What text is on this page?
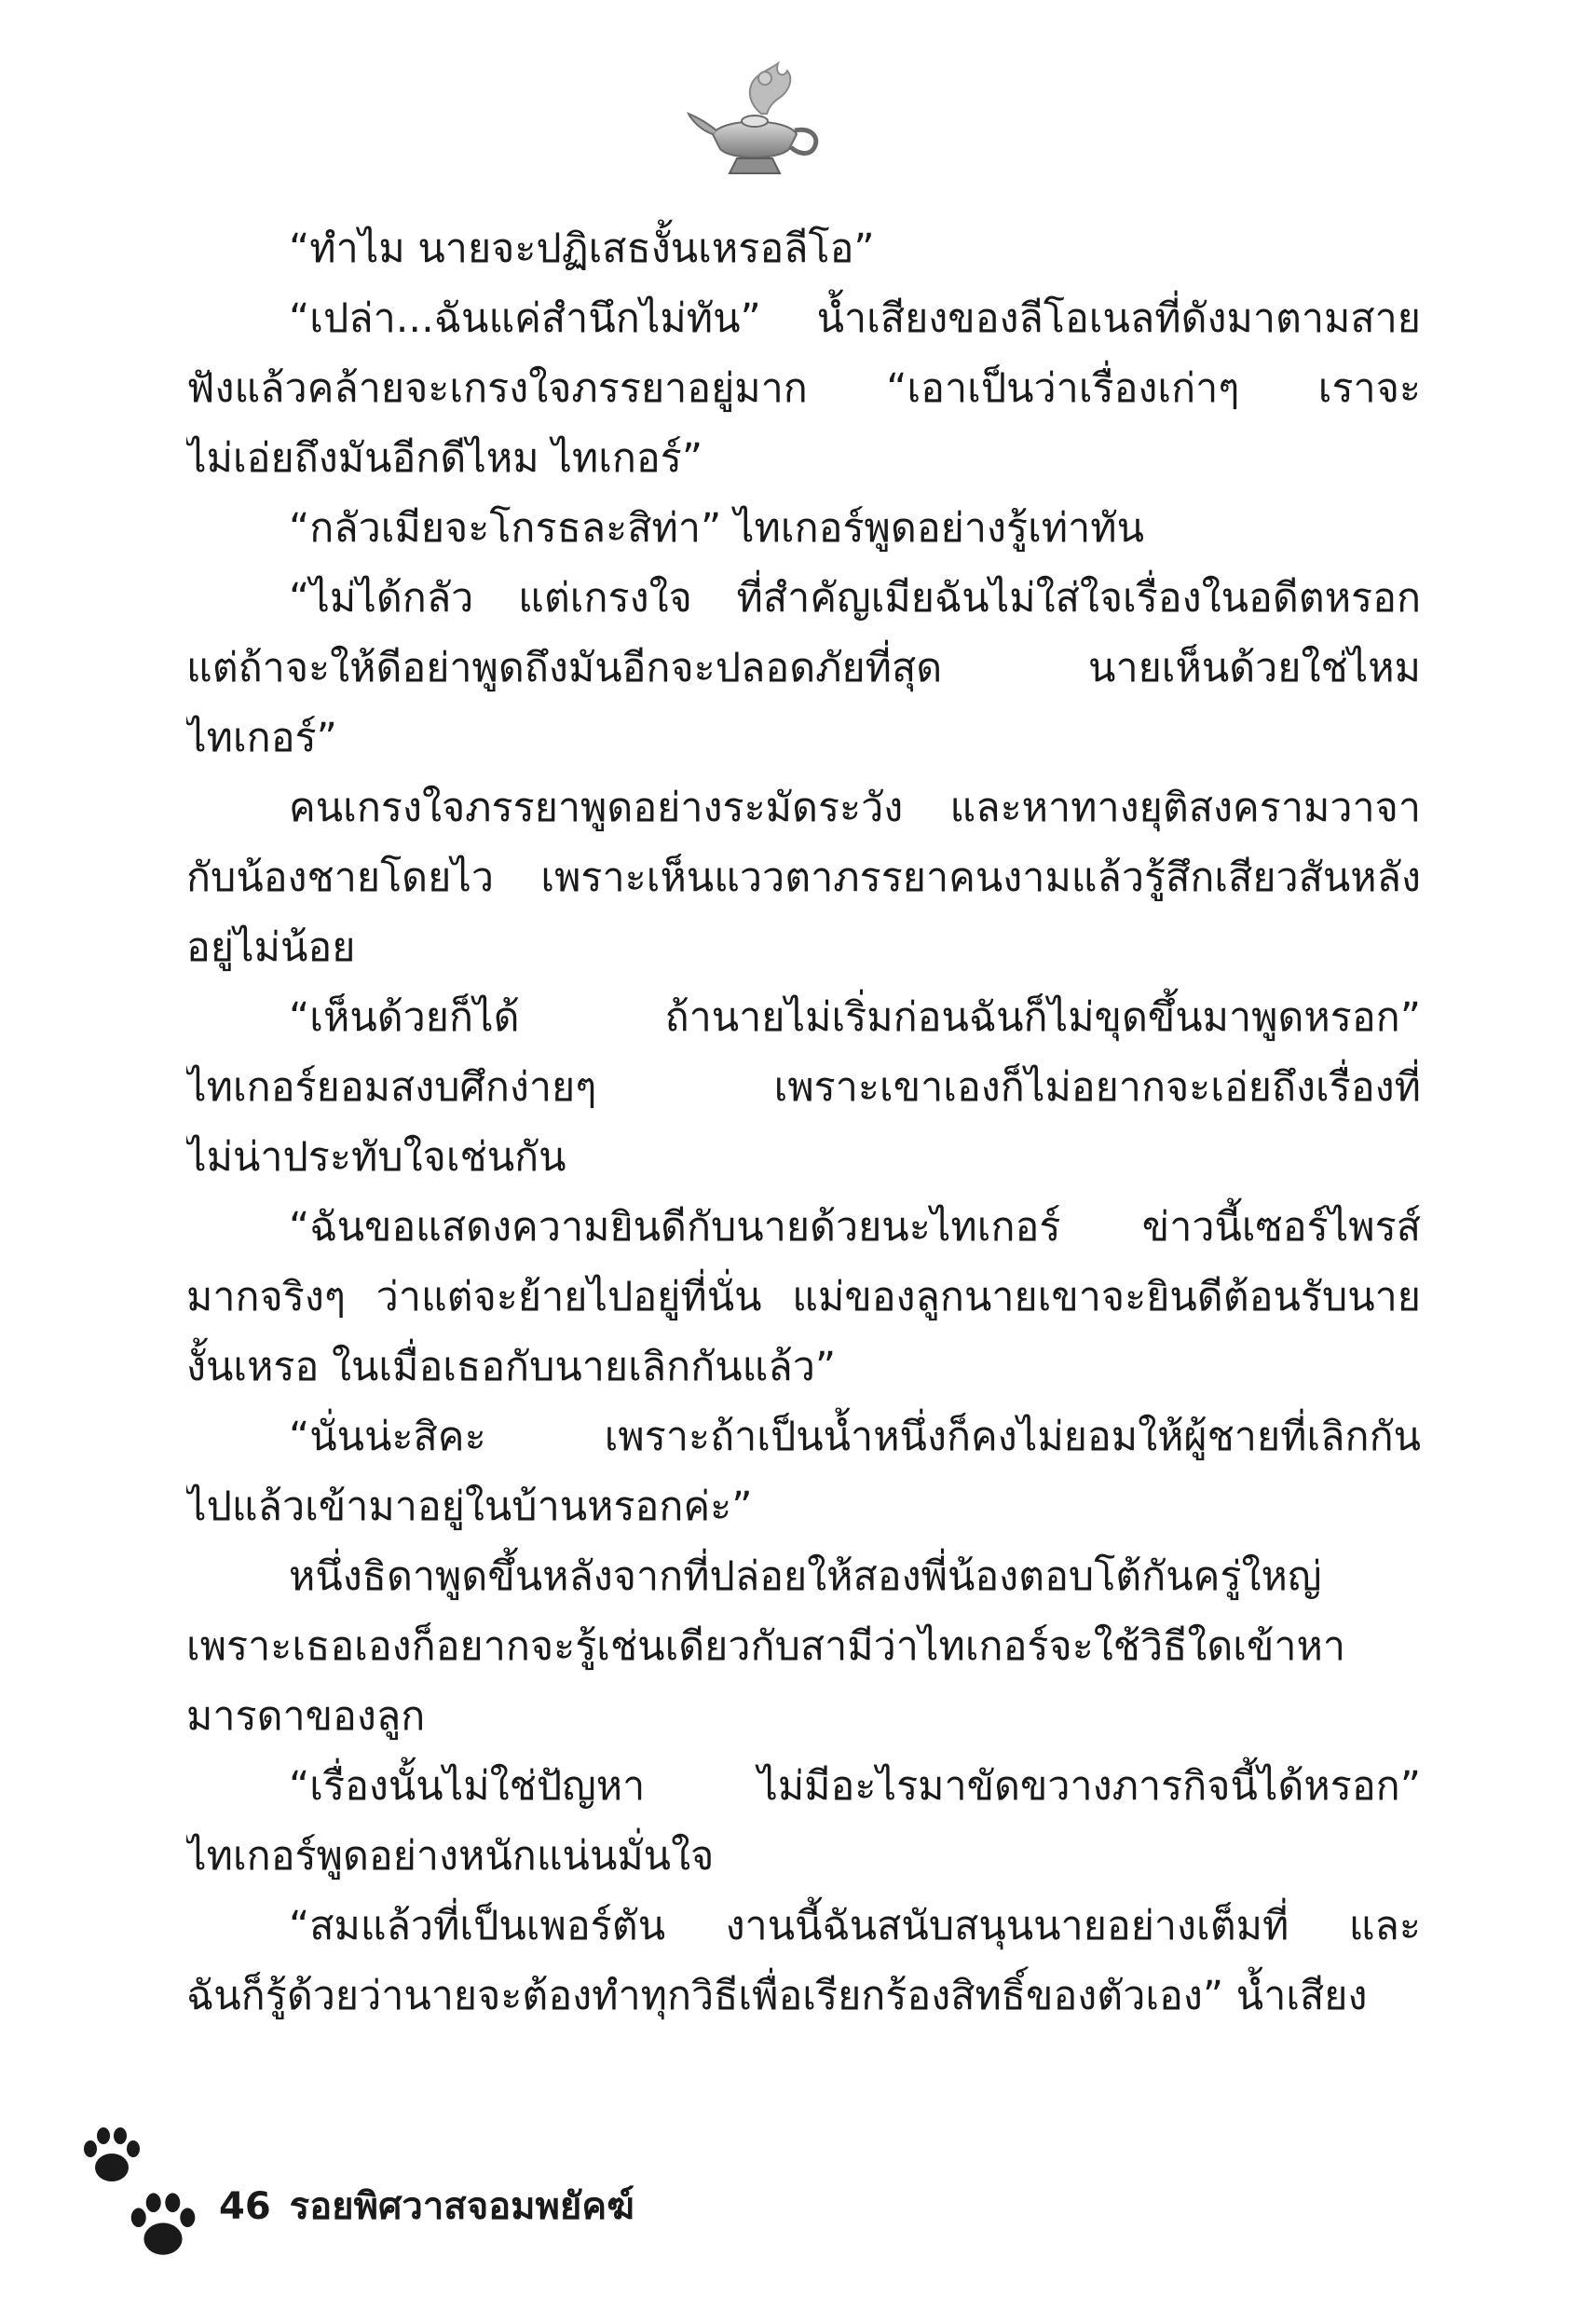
“ทำไม นายจะปฏิเสธงั้นเหรอลีโอ”
“เปล่า...ฉันแค่สำนึกไม่ทัน” น้ำเสียงของลีโอเนลที่ดังมาตามสาย
ฟังแล้วคล้ายจะเกรงใจภรรยาอยู่มาก “เอาเป็นว่าเรื่องเก่าๆ เราจะ
ไม่เอ่ยถึงมันอีกดีไหม ไทเกอร์”
“กลัวเมียจะโกรธละสิท่า” ไทเกอร์พูดอย่างรู้เท่าทัน
“ไม่ได้กลัว แต่เกรงใจ ที่สำคัญเมียฉันไม่ใส่ใจเรื่องในอดีตหรอก
แต่ถ้าจะให้ดีอย่าพูดถึงมันอีกจะปลอดภัยที่สุด นายเห็นด้วยใช่ไหม
ไทเกอร์”
คนเกรงใจภรรยาพูดอย่างระมัดระวัง และหาทางยุติสงครามวาจา
กับน้องชายโดยไว เพราะเห็นแววตาภรรยาคนงามแล้วรู้สึกเสียวสันหลัง
อยู่ไม่น้อย
“เห็นด้วยก็ได้ ถ้านายไม่เริ่มก่อนฉันก็ไม่ขุดขึ้นมาพูดหรอก”
ไทเกอร์ยอมสงบศึกง่ายๆ เพราะเขาเองก็ไม่อยากจะเอ่ยถึงเรื่องที่
ไม่น่าประทับใจเช่นกัน
“ฉันขอแสดงความยินดีกับนายด้วยนะไทเกอร์ ข่าวนี้เซอร์ไพรส์
มากจริงๆ ว่าแต่จะย้ายไปอยู่ที่นั่น แม่ของลูกนายเขาจะยินดีต้อนรับนาย
งั้นเหรอ ในเมื่อเธอกับนายเลิกกันแล้ว”
“นั่นน่ะสิคะ เพราะถ้าเป็นน้ำหนึ่งก็คงไม่ยอมให้ผู้ชายที่เลิกกัน
ไปแล้วเข้ามาอยู่ในบ้านหรอกค่ะ”
หนึ่งธิดาพูดขึ้นหลังจากที่ปล่อยให้สองพี่น้องตอบโต้กันครู่ใหญ่
เพราะเธอเองก็อยากจะรู้เช่นเดียวกับสามีว่าไทเกอร์จะใช้วิธีใดเข้าหา
มารดาของลูก
“เรื่องนั้นไม่ใช่ปัญหา ไม่มีอะไรมาขัดขวางภารกิจนี้ได้หรอก”
ไทเกอร์พูดอย่างหนักแน่นมั่นใจ
“สมแล้วที่เป็นเพอร์ตัน งานนี้ฉันสนับสนุนนายอย่างเต็มที่ และ
ฉันก็รู้ด้วยว่านายจะต้องทำทุกวิธีเพื่อเรียกร้องสิทธิ์ของตัวเอง” น้ำเสียง
46 รอยพิศวาสจอมพยัคฆ์
